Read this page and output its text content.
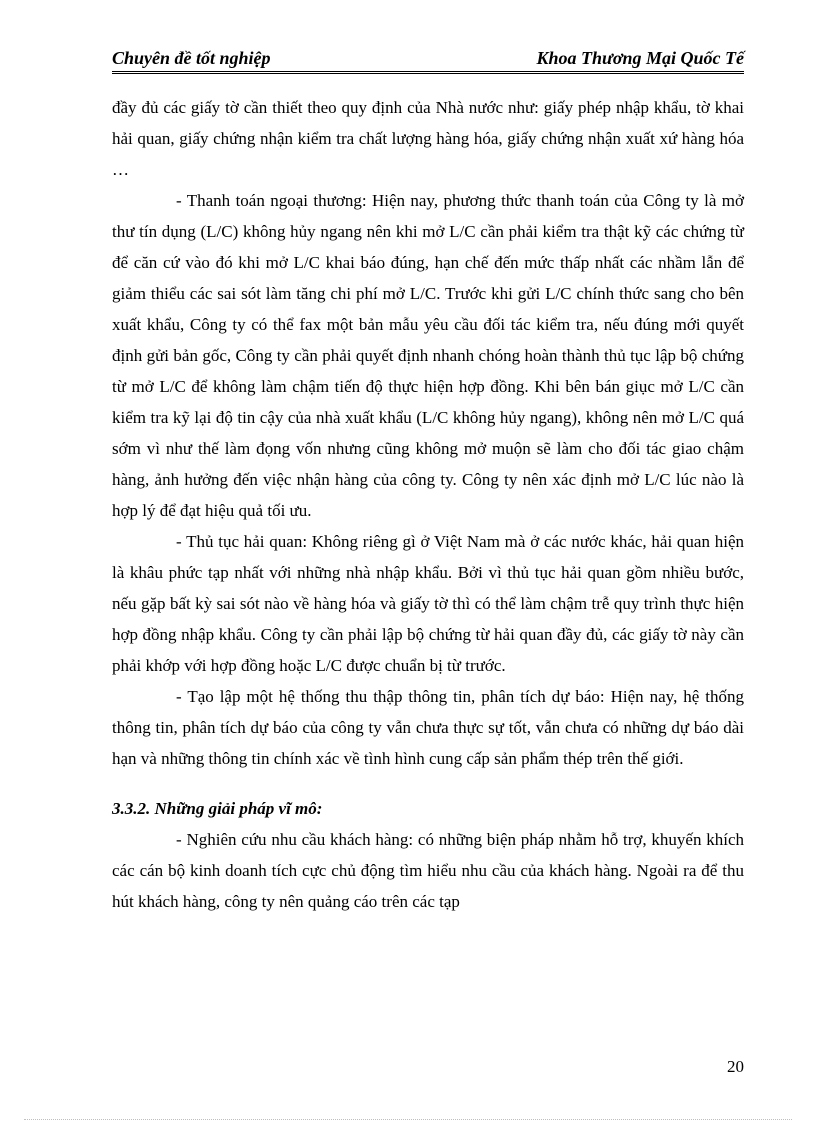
Chuyên đề tốt nghiệp	Khoa Thương Mại Quốc Tế

đầy đủ các giấy tờ cần thiết theo quy định của Nhà nước như: giấy phép nhập khẩu, tờ khai hải quan, giấy chứng nhận kiểm tra chất lượng hàng hóa, giấy chứng nhận xuất xứ hàng hóa …

- Thanh toán ngoại thương: Hiện nay, phương thức thanh toán của Công ty là mở thư tín dụng (L/C) không hủy ngang nên khi mở L/C cần phải kiểm tra thật kỹ các chứng từ để căn cứ vào đó khi mở L/C khai báo đúng, hạn chế đến mức thấp nhất các nhầm lẫn để giảm thiểu các sai sót làm tăng chi phí mở L/C. Trước khi gửi L/C chính thức sang cho bên xuất khẩu, Công ty có thể fax một bản mẫu yêu cầu đối tác kiểm tra, nếu đúng mới quyết định gửi bản gốc, Công ty cần phải quyết định nhanh chóng hoàn thành thủ tục lập bộ chứng từ mở L/C để không làm chậm tiến độ thực hiện hợp đồng. Khi bên bán giục mở L/C cần kiểm tra kỹ lại độ tin cậy của nhà xuất khẩu (L/C không hủy ngang), không nên mở L/C quá sớm vì như thế làm đọng vốn nhưng cũng không mở muộn sẽ làm cho đối tác giao chậm hàng, ảnh hưởng đến việc nhận hàng của công ty. Công ty nên xác định mở L/C lúc nào là hợp lý để đạt hiệu quả tối ưu.

- Thủ tục hải quan: Không riêng gì ở Việt Nam mà ở các nước khác, hải quan hiện là khâu phức tạp nhất với những nhà nhập khẩu. Bởi vì thủ tục hải quan gồm nhiều bước, nếu gặp bất kỳ sai sót nào về hàng hóa và giấy tờ thì có thể làm chậm trễ quy trình thực hiện hợp đồng nhập khẩu. Công ty cần phải lập bộ chứng từ hải quan đầy đủ, các giấy tờ này cần phải khớp với hợp đồng hoặc L/C được chuẩn bị từ trước.

- Tạo lập một hệ thống thu thập thông tin, phân tích dự báo: Hiện nay, hệ thống thông tin, phân tích dự báo của công ty vẫn chưa thực sự tốt, vẫn chưa có những dự báo dài hạn và những thông tin chính xác về tình hình cung cấp sản phẩm thép trên thế giới.

3.3.2. Những giải pháp vĩ mô:

- Nghiên cứu nhu cầu khách hàng: có những biện pháp nhằm hỗ trợ, khuyến khích các cán bộ kinh doanh tích cực chủ động tìm hiểu nhu cầu của khách hàng. Ngoài ra để thu hút khách hàng, công ty nên quảng cáo trên các tạp

20
